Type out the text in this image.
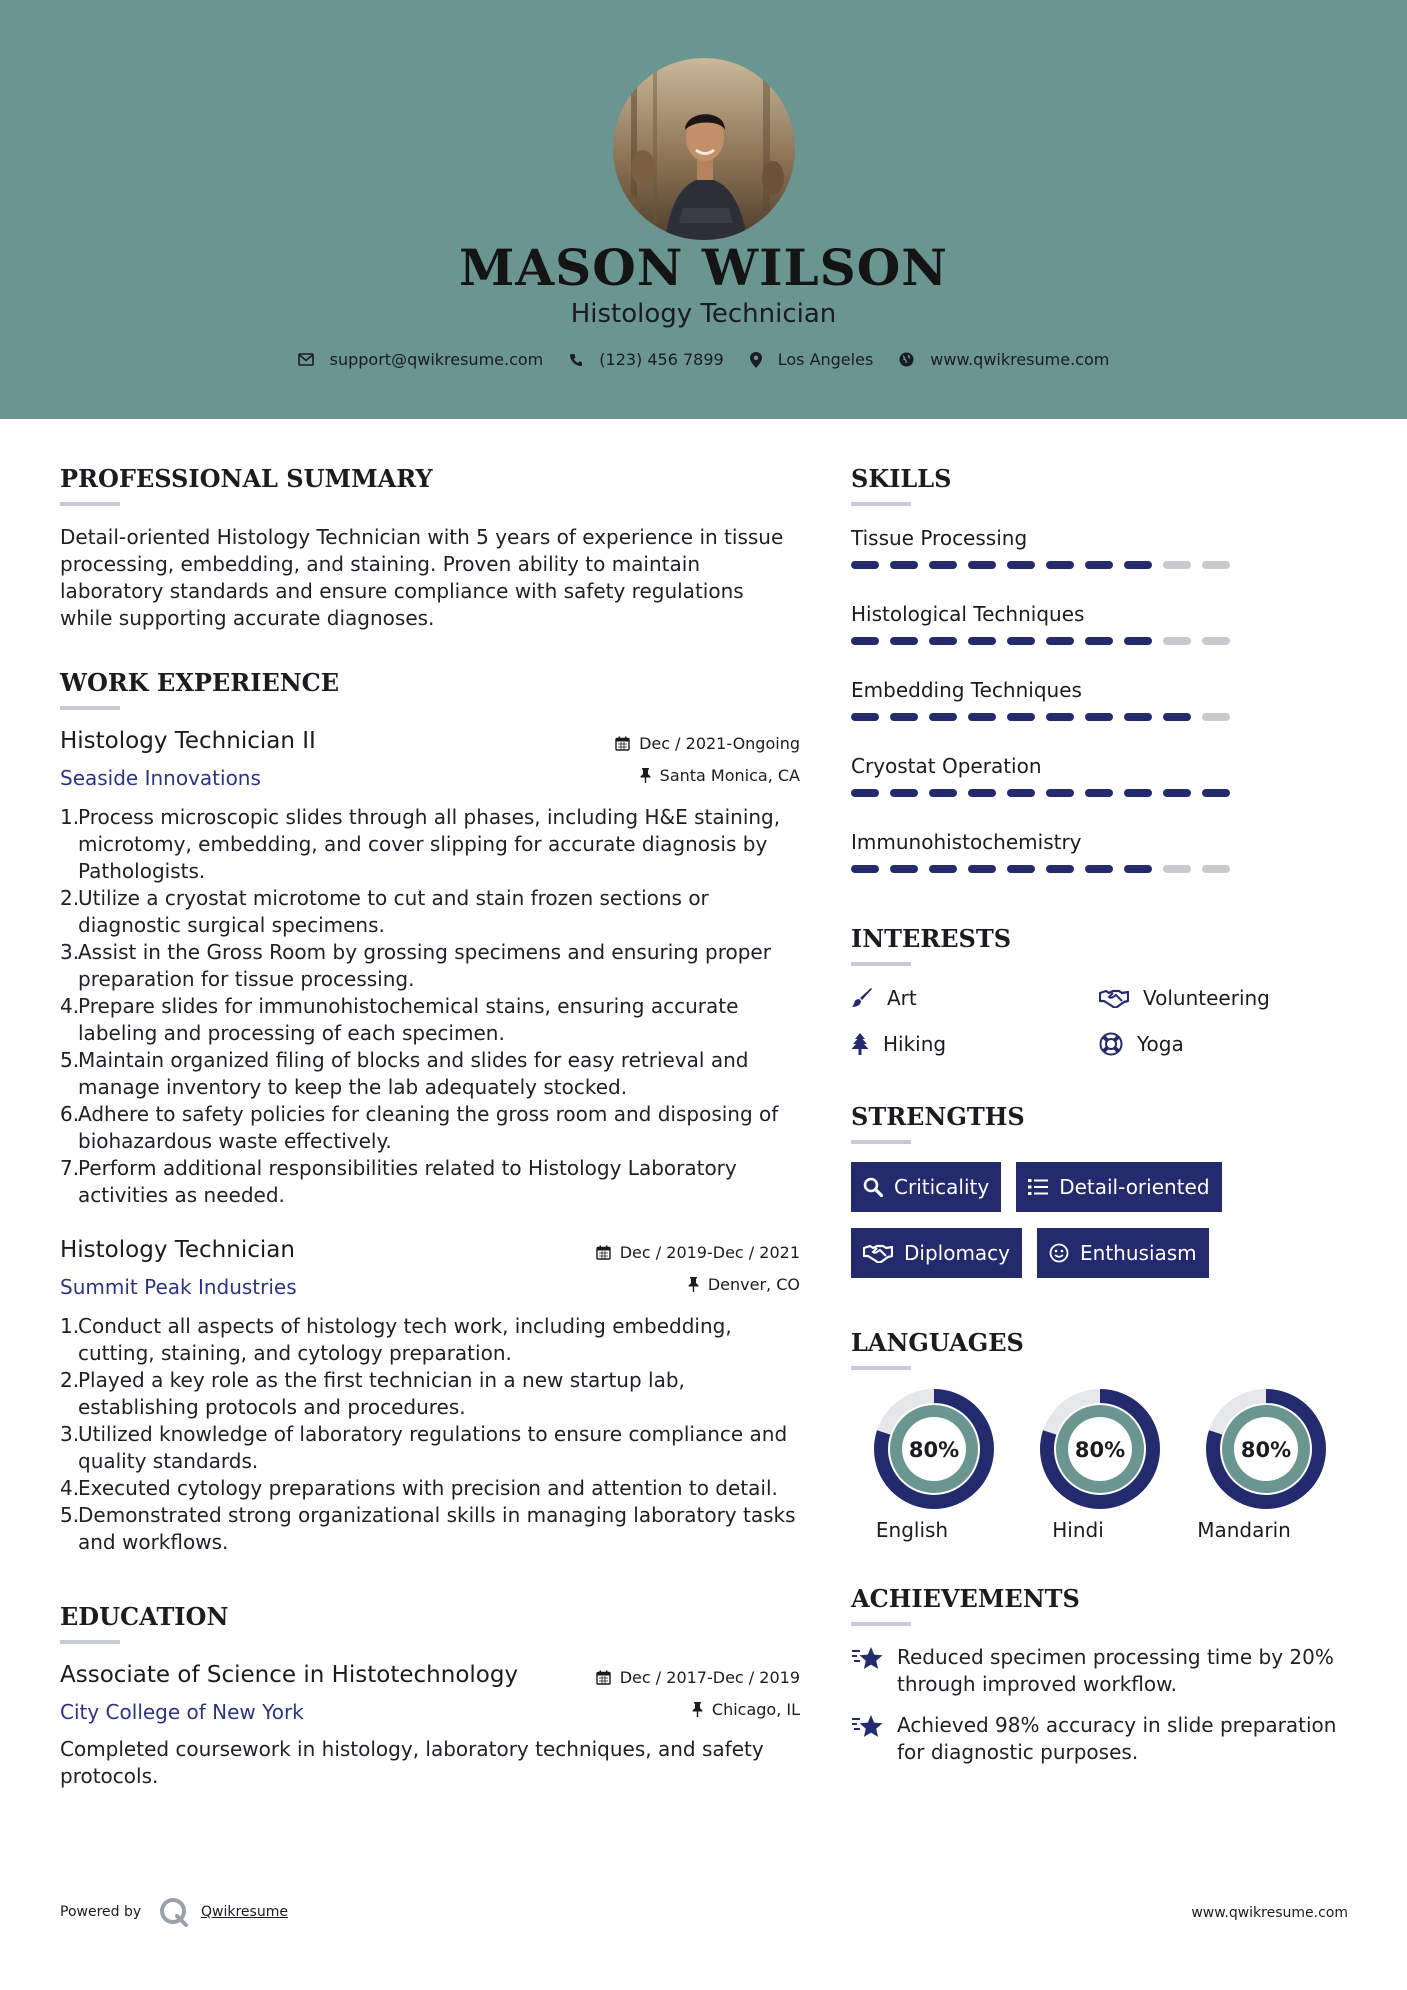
MASON WILSON
Histology Technician
support@qwikresume.com	(123) 456 7899	Los Angeles	www.qwikresume.com
PROFESSIONAL SUMMARY

Detail-oriented Histology Technician with 5 years of experience in tissue processing, embedding, and staining. Proven ability to maintain laboratory standards and ensure compliance with safety regulations while supporting accurate diagnoses.

WORK EXPERIENCE
Histology Technician II
Seaside Innovations
Dec / 2021-Ongoing
Santa Monica, CA
1.
Process microscopic slides through all phases, including H&E staining, microtomy, embedding, and cover slipping for accurate diagnosis by Pathologists.
2.
Utilize a cryostat microtome to cut and stain frozen sections or diagnostic surgical specimens.
3.
Assist in the Gross Room by grossing specimens and ensuring proper preparation for tissue processing.
4.
Prepare slides for immunohistochemical stains, ensuring accurate labeling and processing of each specimen.
5.
Maintain organized filing of blocks and slides for easy retrieval and manage inventory to keep the lab adequately stocked.
6.
Adhere to safety policies for cleaning the gross room and disposing of biohazardous waste effectively.
7.
Perform additional responsibilities related to Histology Laboratory activities as needed.
Histology Technician
Summit Peak Industries
Dec / 2019-Dec / 2021
Denver, CO
1.
Conduct all aspects of histology tech work, including embedding, cutting, staining, and cytology preparation.
2.
Played a key role as the first technician in a new startup lab, establishing protocols and procedures.
3.
Utilized knowledge of laboratory regulations to ensure compliance and quality standards.
4.
Executed cytology preparations with precision and attention to detail.
5.
Demonstrated strong organizational skills in managing laboratory tasks and workflows.
EDUCATION
Associate of Science in Histotechnology
City College of New York
Dec / 2017-Dec / 2019
Chicago, IL

Completed coursework in histology, laboratory techniques, and safety protocols.

SKILLS
Tissue Processing
Histological Techniques
Embedding Techniques
Cryostat Operation
Immunohistochemistry
INTERESTS
Art	Volunteering
Hiking	Yoga
STRENGTHS
Criticality	Detail-oriented
Diplomacy	Enthusiasm
LANGUAGES
80%
English
80%
Hindi
80%
Mandarin
ACHIEVEMENTS
Reduced specimen processing time by 20% through improved workflow.
Achieved 98% accuracy in slide preparation for diagnostic purposes.
Powered by	Qwikresume	www.qwikresume.com
